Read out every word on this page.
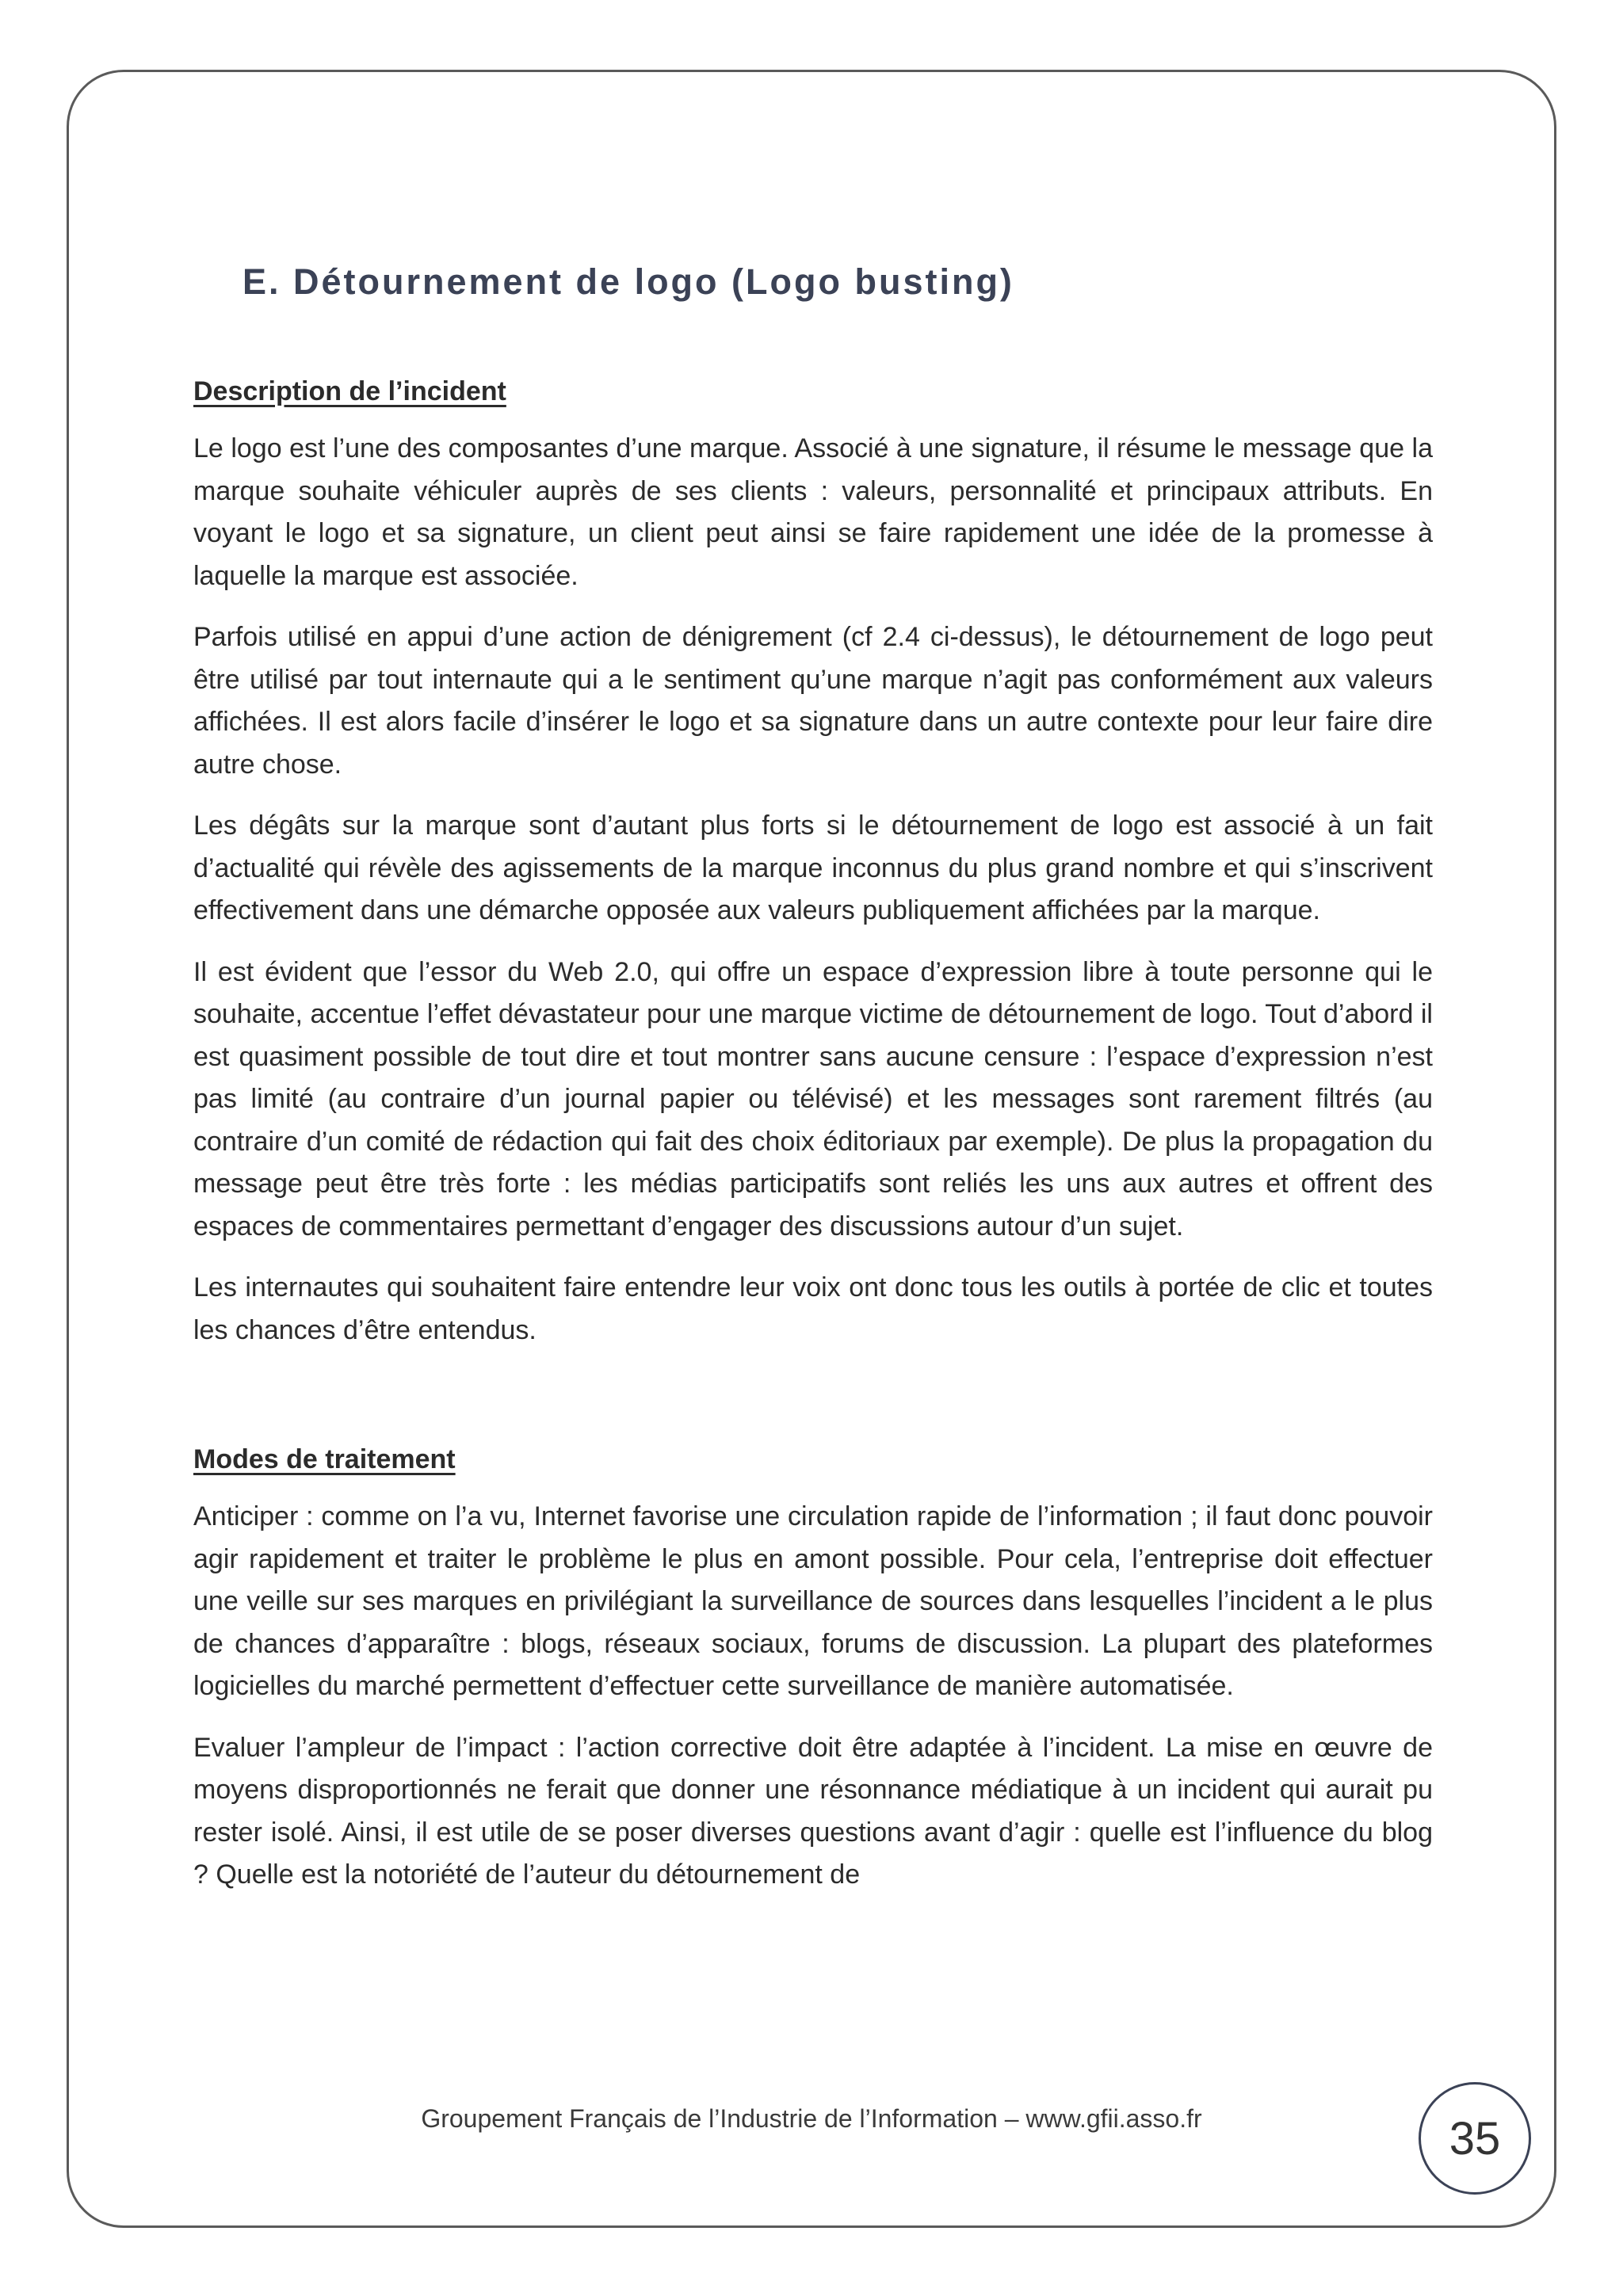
E. Détournement de logo (Logo busting)
Description de l’incident

Le logo est l’une des composantes d’une marque. Associé à une signature, il résume le message que la marque souhaite véhiculer auprès de ses clients : valeurs, personnalité et principaux attributs. En voyant le logo et sa signature, un client peut ainsi se faire rapidement une idée de la promesse à laquelle la marque est associée.

Parfois utilisé en appui d’une action de dénigrement (cf 2.4 ci-dessus), le détournement de logo peut être utilisé par tout internaute qui a le sentiment qu’une marque n’agit pas conformément aux valeurs affichées. Il est alors facile d’insérer le logo et sa signature dans un autre contexte pour leur faire dire autre chose.

Les dégâts sur la marque sont d’autant plus forts si le détournement de logo est associé à un fait d’actualité qui révèle des agissements de la marque inconnus du plus grand nombre et qui s’inscrivent effectivement dans une démarche opposée aux valeurs publiquement affichées par la marque.

Il est évident que l’essor du Web 2.0, qui offre un espace d’expression libre à toute personne qui le souhaite, accentue l’effet dévastateur pour une marque victime de détournement de logo. Tout d’abord il est quasiment possible de tout dire et tout montrer sans aucune censure : l’espace d’expression n’est pas limité (au contraire d’un journal papier ou télévisé) et les messages sont rarement filtrés (au contraire d’un comité de rédaction qui fait des choix éditoriaux par exemple). De plus la propagation du message peut être très forte : les médias participatifs sont reliés les uns aux autres et offrent des espaces de commentaires permettant d’engager des discussions autour d’un sujet.

Les internautes qui souhaitent faire entendre leur voix ont donc tous les outils à portée de clic et toutes les chances d’être entendus.

Modes de traitement

Anticiper : comme on l’a vu, Internet favorise une circulation rapide de l’information ; il faut donc pouvoir agir rapidement et traiter le problème le plus en amont possible. Pour cela, l’entreprise doit effectuer une veille sur ses marques en privilégiant la surveillance de sources dans lesquelles l’incident a le plus de chances d’apparaître : blogs, réseaux sociaux, forums de discussion. La plupart des plateformes logicielles du marché permettent d’effectuer cette surveillance de manière automatisée.

Evaluer l’ampleur de l’impact : l’action corrective doit être adaptée à l’incident. La mise en œuvre de moyens disproportionnés ne ferait que donner une résonnance médiatique à un incident qui aurait pu rester isolé. Ainsi, il est utile de se poser diverses questions avant d’agir : quelle est l’influence du blog ? Quelle est la notoriété de l’auteur du détournement de

Groupement Français de l’Industrie de l’Information – www.gfii.asso.fr	35
